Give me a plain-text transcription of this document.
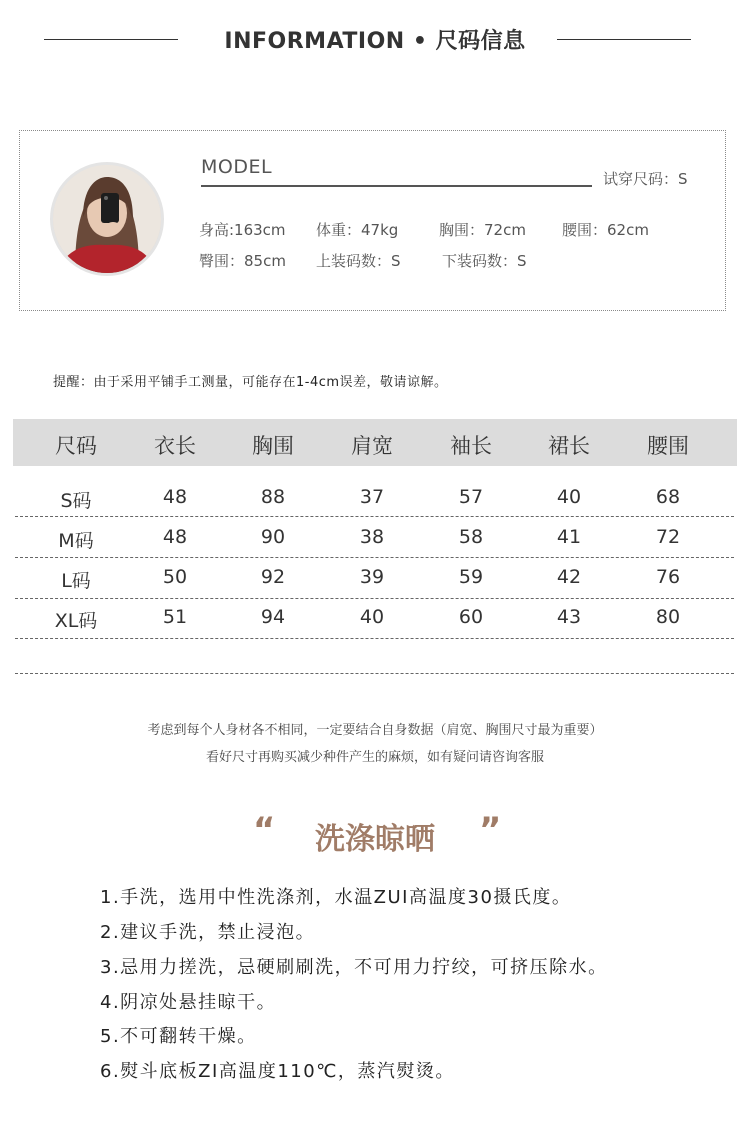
INFORMATION • 尺码信息
MODEL
试穿尺码：S
身高:163cm 体重：47kg	胸围：72cm 腰围：62cm
臀围：85cm 上装码数：S	下装码数：S
提醒：由于采用平铺手工测量，可能存在1-4cm误差，敬请谅解。
尺码	衣长	胸围	肩宽	袖长	裙长	腰围
S码	48	88	37	57	40	68
M码	48	90	38	58	41	72
L码	50	92	39	59	42	76
XL码	51	94	40	60	43	80
考虑到每个人身材各不相同，一定要结合自身数据（肩宽、胸围尺寸最为重要）
看好尺寸再购买减少种件产生的麻烦，如有疑问请咨询客服
“	洗涤晾晒	”
1.手洗，选用中性洗涤剂，水温ZUI高温度30摄氏度。
2.建议手洗，禁止浸泡。
3.忌用力搓洗，忌硬刷刷洗，不可用力拧绞，可挤压除水。
4.阴凉处悬挂晾干。
5.不可翻转干燥。
6.熨斗底板ZI高温度110℃，蒸汽熨烫。
